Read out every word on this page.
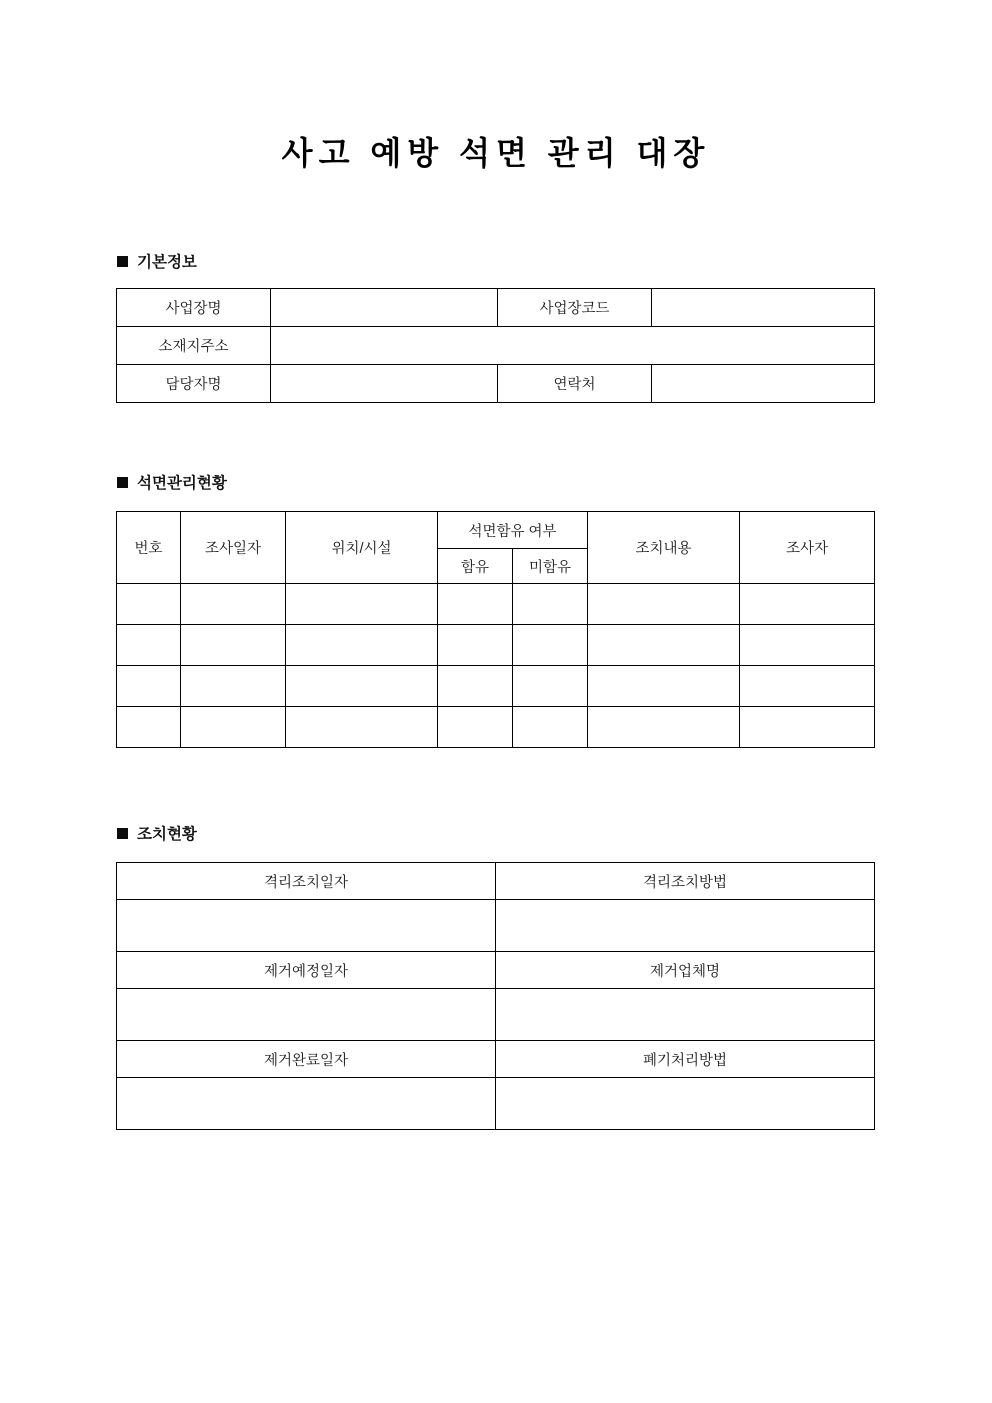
사고 예방 석면 관리 대장
기본정보
사업장명		사업장코드	
소재지주소			
담당자명		연락처	
석면관리현황
번호	조사일자	위치/시설	석면함유 여부		조치내용	조사자
			함유	미함유		

조치현황
격리조치일자	격리조치방법

제거예정일자	제거업체명

제거완료일자	폐기처리방법
